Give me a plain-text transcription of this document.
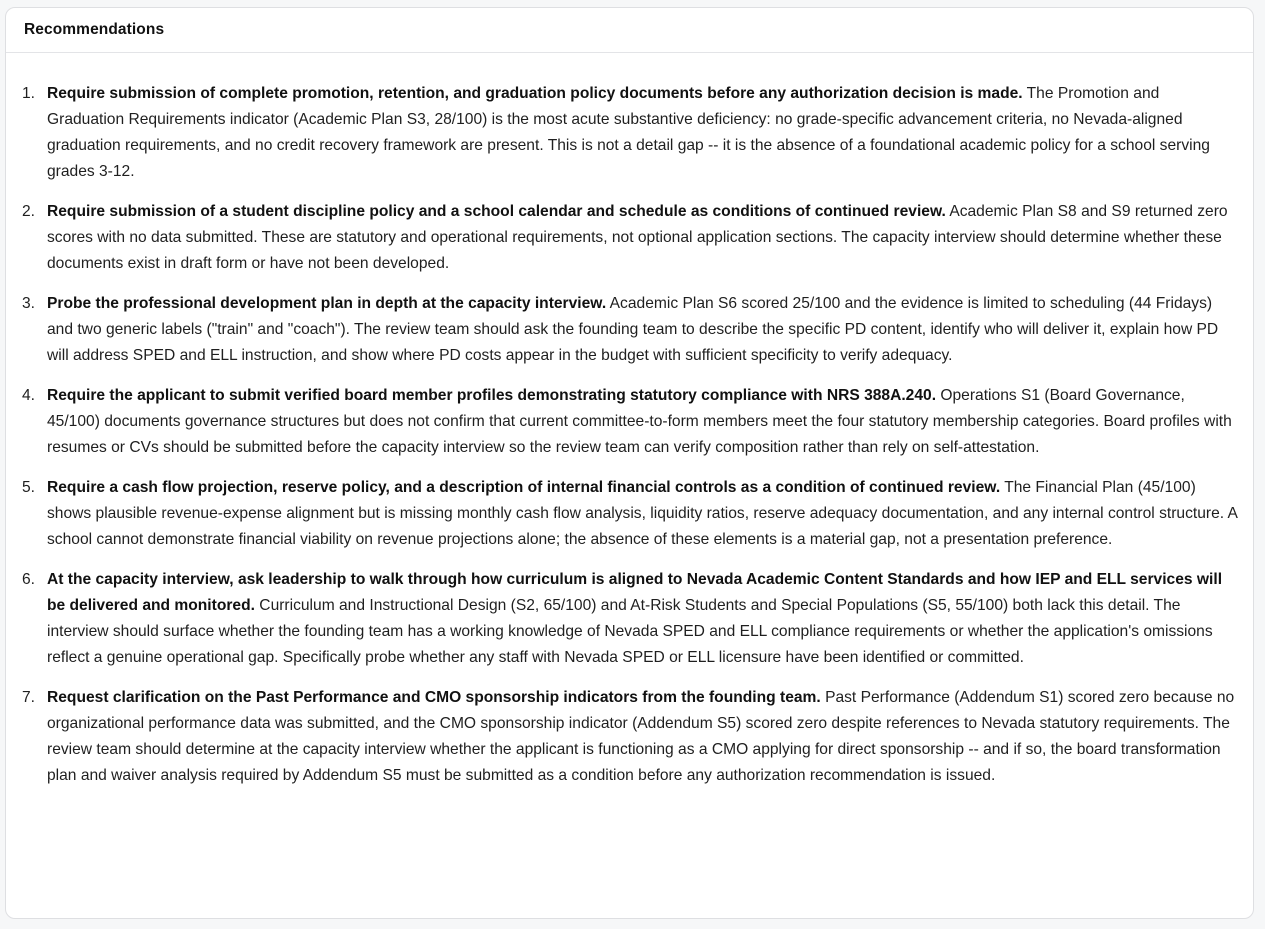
Recommendations
1. Require submission of complete promotion, retention, and graduation policy documents before any authorization decision is made. The Promotion and Graduation Requirements indicator (Academic Plan S3, 28/100) is the most acute substantive deficiency: no grade-specific advancement criteria, no Nevada-aligned graduation requirements, and no credit recovery framework are present. This is not a detail gap -- it is the absence of a foundational academic policy for a school serving grades 3-12.
2. Require submission of a student discipline policy and a school calendar and schedule as conditions of continued review. Academic Plan S8 and S9 returned zero scores with no data submitted. These are statutory and operational requirements, not optional application sections. The capacity interview should determine whether these documents exist in draft form or have not been developed.
3. Probe the professional development plan in depth at the capacity interview. Academic Plan S6 scored 25/100 and the evidence is limited to scheduling (44 Fridays) and two generic labels ("train" and "coach"). The review team should ask the founding team to describe the specific PD content, identify who will deliver it, explain how PD will address SPED and ELL instruction, and show where PD costs appear in the budget with sufficient specificity to verify adequacy.
4. Require the applicant to submit verified board member profiles demonstrating statutory compliance with NRS 388A.240. Operations S1 (Board Governance, 45/100) documents governance structures but does not confirm that current committee-to-form members meet the four statutory membership categories. Board profiles with resumes or CVs should be submitted before the capacity interview so the review team can verify composition rather than rely on self-attestation.
5. Require a cash flow projection, reserve policy, and a description of internal financial controls as a condition of continued review. The Financial Plan (45/100) shows plausible revenue-expense alignment but is missing monthly cash flow analysis, liquidity ratios, reserve adequacy documentation, and any internal control structure. A school cannot demonstrate financial viability on revenue projections alone; the absence of these elements is a material gap, not a presentation preference.
6. At the capacity interview, ask leadership to walk through how curriculum is aligned to Nevada Academic Content Standards and how IEP and ELL services will be delivered and monitored. Curriculum and Instructional Design (S2, 65/100) and At-Risk Students and Special Populations (S5, 55/100) both lack this detail. The interview should surface whether the founding team has a working knowledge of Nevada SPED and ELL compliance requirements or whether the application's omissions reflect a genuine operational gap. Specifically probe whether any staff with Nevada SPED or ELL licensure have been identified or committed.
7. Request clarification on the Past Performance and CMO sponsorship indicators from the founding team. Past Performance (Addendum S1) scored zero because no organizational performance data was submitted, and the CMO sponsorship indicator (Addendum S5) scored zero despite references to Nevada statutory requirements. The review team should determine at the capacity interview whether the applicant is functioning as a CMO applying for direct sponsorship -- and if so, the board transformation plan and waiver analysis required by Addendum S5 must be submitted as a condition before any authorization recommendation is issued.
